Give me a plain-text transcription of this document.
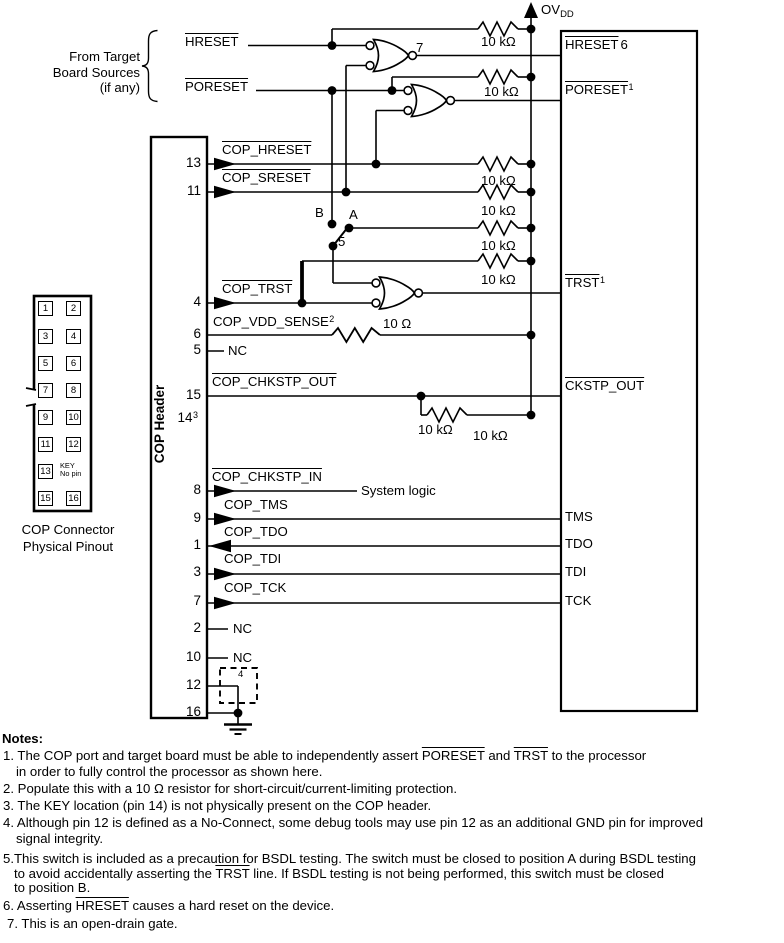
$OV_{DD}$
From Target
Board Sources
(if any)
HRESET
PORESET
7	10 kΩ
10 kΩ
10 kΩ
10 kΩ
10 kΩ
10 kΩ
10 kΩ 10 kΩ
10 Ω
B A
5
COP_HRESET
COP_SRESET
COP_TRST
COP_VDD_SENSE$^2$
NC
COP_CHKSTP_OUT
COP_CHKSTP_IN
COP_TMS
COP_TDO
COP_TDI
COP_TCK
NC
NC
System logic
4
13
11
4
6
5
15
$14^3$
8
9
1
3
7
2
10
12
16
COP Header
HRESET 6
PORESET$^1$
TRST$^1$
CKSTP_OUT
TMS
TDO
TDI
TCK
1	2
3	4
5	6
7	8
9	10
11 12
13 KEY
No pin
15 16
COP Connector
Physical Pinout
Notes:
1. The COP port and target board must be able to independently assert PORESET and TRST to the processor
in order to fully control the processor as shown here.
2. Populate this with a 10 Ω resistor for short-circuit/current-limiting protection.
3. The KEY location (pin 14) is not physically present on the COP header.
4. Although pin 12 is defined as a No-Connect, some debug tools may use pin 12 as an additional GND pin for improved
signal integrity.
5.This switch is included as a precaution for BSDL testing. The switch must be closed to position A during BSDL testing
to avoid accidentally asserting the TRST line. If BSDL testing is not being performed, this switch must be closed
to position B.
6. Asserting HRESET causes a hard reset on the device.
7. This is an open-drain gate.
